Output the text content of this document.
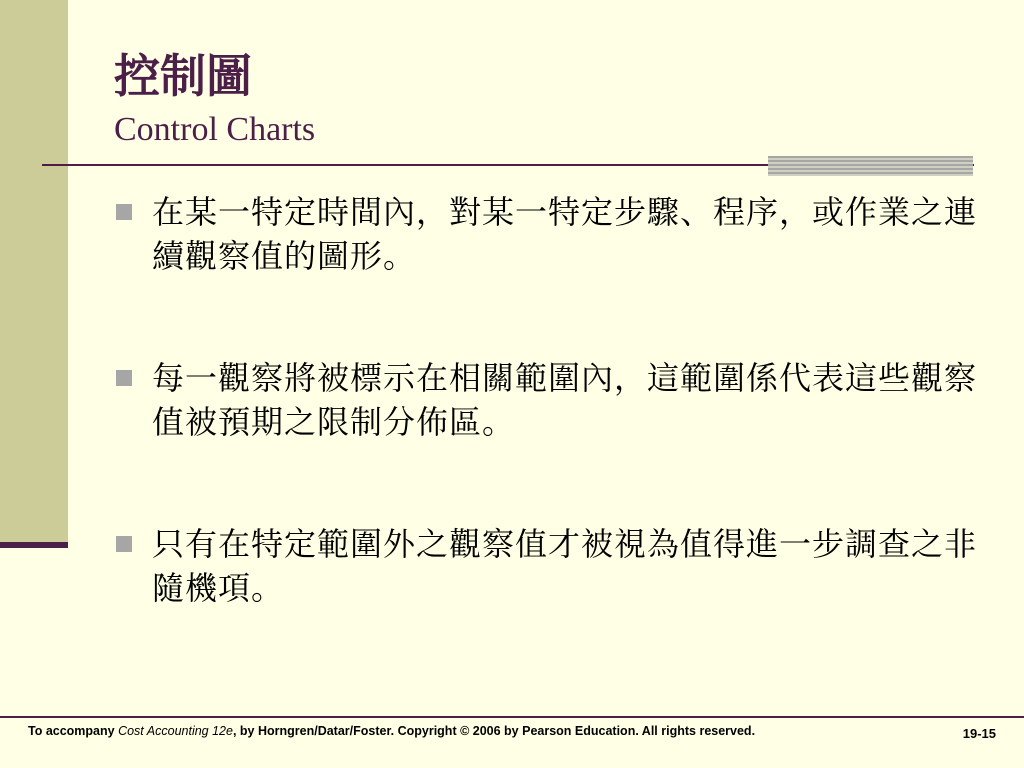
控制圖
Control Charts
在某一特定時間內，對某一特定步驟、程序，或作業之連續觀察值的圖形。
每一觀察將被標示在相關範圍內，這範圍係代表這些觀察值被預期之限制分佈區。
只有在特定範圍外之觀察值才被視為值得進一步調查之非隨機項。

To accompany Cost Accounting 12e, by Horngren/Datar/Foster. Copyright © 2006 by Pearson Education. All rights reserved.	19-15
